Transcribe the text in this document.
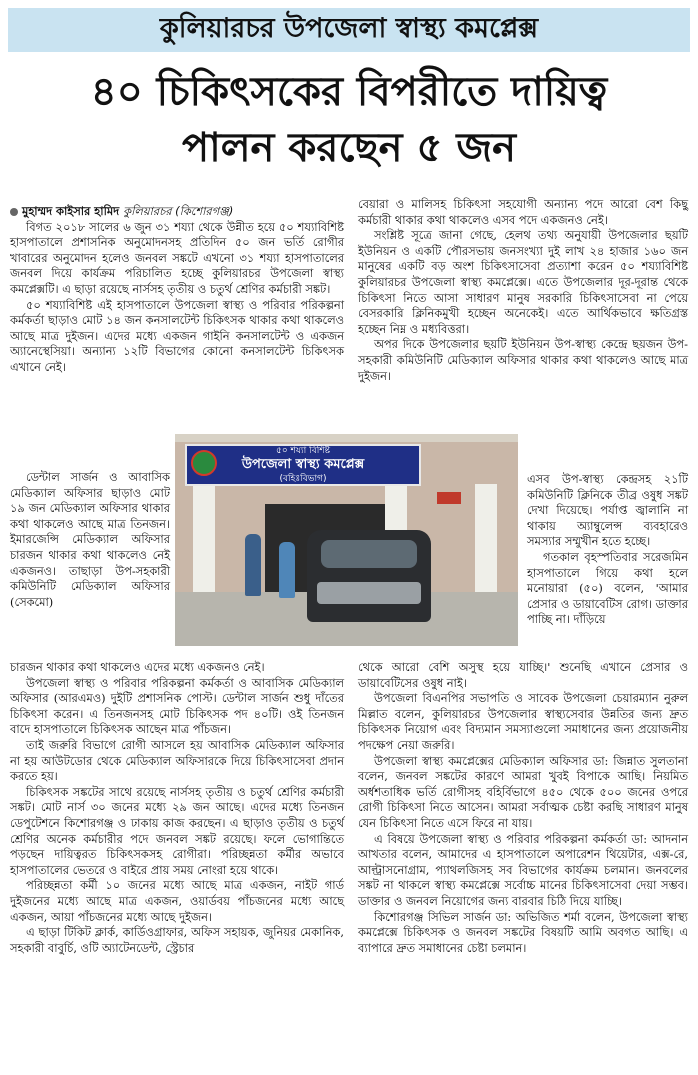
কুলিয়ারচর উপজেলা স্বাস্থ্য কমপ্লেক্স
৪০ চিকিৎসকের বিপরীতে দায়িত্ব
পালন করছেন ৫ জন

মুহাম্মদ কাইসার হামিদ কুলিয়ারচর (কিশোরগঞ্জ)

বিগত ২০১৮ সালের ৬ জুন ৩১ শয্যা থেকে উন্নীত হয়ে ৫০ শয্যাবিশিষ্ট হাসপাতালে প্রশাসনিক অনুমোদনসহ প্রতিদিন ৫০ জন ভর্তি রোগীর খাবারের অনুমোদন হলেও জনবল সঙ্কটে এখনো ৩১ শয্যা হাসপাতালের জনবল দিয়ে কার্যক্রম পরিচালিত হচ্ছে কুলিয়ারচর উপজেলা স্বাস্থ্য কমপ্লেক্সটি। এ ছাড়া রয়েছে নার্সসহ তৃতীয় ও চতুর্থ শ্রেণির কর্মচারী সঙ্কট।

৫০ শয্যাবিশিষ্ট এই হাসপাতালে উপজেলা স্বাস্থ্য ও পরিবার পরিকল্পনা কর্মকর্তা ছাড়াও মোট ১৪ জন কনসালটেন্ট চিকিৎসক থাকার কথা থাকলেও আছে মাত্র দুইজন। এদের মধ্যে একজন গাইনি কনসালটেন্ট ও একজন অ্যানেস্থেসিয়া। অন্যান্য ১২টি বিভাগের কোনো কনসালটেন্ট চিকিৎসক এখানে নেই।

ডেন্টাল সার্জন ও আবাসিক মেডিক্যাল অফিসার ছাড়াও মোট ১৯ জন মেডিক্যাল অফিসার থাকার কথা থাকলেও আছে মাত্র তিনজন। ইমারজেন্সি মেডিক্যাল অফিসার চারজন থাকার কথা থাকলেও নেই একজনও। তাছাড়া উপ-সহকারী কমিউনিটি মেডিক্যাল অফিসার (সেকমো)

চারজন থাকার কথা থাকলেও এদের মধ্যে একজনও নেই।

উপজেলা স্বাস্থ্য ও পরিবার পরিকল্পনা কর্মকর্তা ও আবাসিক মেডিক্যাল অফিসার (আরএমও) দুইটি প্রশাসনিক পোস্ট। ডেন্টাল সার্জন শুধু দাঁতের চিকিৎসা করেন। এ তিনজনসহ মোট চিকিৎসক পদ ৪০টি। ওই তিনজন বাদে হাসপাতালে চিকিৎসক আছেন মাত্র পাঁচজন।

তাই জরুরি বিভাগে রোগী আসলে হয় আবাসিক মেডিক্যাল অফিসার না হয় আউটডোর থেকে মেডিক্যাল অফিসারকে দিয়ে চিকিৎসাসেবা প্রদান করতে হয়।

চিকিৎসক সঙ্কটের সাথে রয়েছে নার্সসহ তৃতীয় ও চতুর্থ শ্রেণির কর্মচারী সঙ্কট। মোট নার্স ৩০ জনের মধ্যে ২৯ জন আছে। এদের মধ্যে তিনজন ডেপুটেশনে কিশোরগঞ্জ ও ঢাকায় কাজ করছেন। এ ছাড়াও তৃতীয় ও চতুর্থ শ্রেণির অনেক কর্মচারীর পদে জনবল সঙ্কট রয়েছে। ফলে ভোগান্তিতে পড়ছেন দায়িত্বরত চিকিৎসকসহ রোগীরা। পরিচ্ছন্নতা কর্মীর অভাবে হাসপাতালের ভেতরে ও বাইরে প্রায় সময় নোংরা হয়ে থাকে।

পরিচ্ছন্নতা কর্মী ১০ জনের মধ্যে আছে মাত্র একজন, নাইট গার্ড দুইজনের মধ্যে আছে মাত্র একজন, ওয়ার্ডবয় পাঁচজনের মধ্যে আছে একজন, আয়া পাঁচজনের মধ্যে আছে দুইজন।

এ ছাড়া টিকিট ক্লার্ক, কার্ডিওগ্রাফার, অফিস সহায়ক, জুনিয়র মেকানিক, সহকারী বাবুর্চি, ওটি অ্যাটেনডেন্ট, স্ট্রেচার

৫০ শয্যা বিশিষ্ট
উপজেলা স্বাস্থ্য কমপ্লেক্স
(বহিঃবিভাগ)

বেয়ারা ও মালিসহ চিকিৎসা সহযোগী অন্যান্য পদে আরো বেশ কিছু কর্মচারী থাকার কথা থাকলেও এসব পদে একজনও নেই।

সংশ্লিষ্ট সূত্রে জানা গেছে, হেলথ তথ্য অনুযায়ী উপজেলার ছয়টি ইউনিয়ন ও একটি পৌরসভায় জনসংখ্যা দুই লাখ ২৪ হাজার ১৬০ জন মানুষের একটি বড় অংশ চিকিৎসাসেবা প্রত্যাশা করেন ৫০ শয্যাবিশিষ্ট কুলিয়ারচর উপজেলা স্বাস্থ্য কমপ্লেক্সে। এতে উপজেলার দূর-দূরান্ত থেকে চিকিৎসা নিতে আসা সাধারণ মানুষ সরকারি চিকিৎসাসেবা না পেয়ে বেসরকারি ক্লিনিকমুখী হচ্ছেন অনেকেই। এতে আর্থিকভাবে ক্ষতিগ্রস্ত হচ্ছেন নিম্ন ও মধ্যবিত্তরা।

অপর দিকে উপজেলার ছয়টি ইউনিয়ন উপ-স্বাস্থ্য কেন্দ্রে ছয়জন উপ-সহকারী কমিউনিটি মেডিক্যাল অফিসার থাকার কথা থাকলেও আছে মাত্র দুইজন।

এসব উপ-স্বাস্থ্য কেন্দ্রসহ ২১টি কমিউনিটি ক্লিনিকে তীব্র ওষুধ সঙ্কট দেখা দিয়েছে। পর্যাপ্ত জ্বালানি না থাকায় অ্যাম্বুলেন্স ব্যবহারেও সমস্যার সম্মুখীন হতে হচ্ছে।

গতকাল বৃহস্পতিবার সরেজমিন হাসপাতালে গিয়ে কথা হলে মনোয়ারা (৫০) বলেন, 'আমার প্রেসার ও ডায়াবেটিস রোগ। ডাক্তার পাচ্ছি না। দাঁড়িয়ে

থেকে আরো বেশি অসুস্থ হয়ে যাচ্ছি।' শুনেছি এখানে প্রেসার ও ডায়াবেটিসের ওষুধ নাই।

উপজেলা বিএনপির সভাপতি ও সাবেক উপজেলা চেয়ারম্যান নুরুল মিল্লাত বলেন, কুলিয়ারচর উপজেলার স্বাস্থ্যসেবার উন্নতির জন্য দ্রুত চিকিৎসক নিয়োগ এবং বিদ্যমান সমস্যাগুলো সমাধানের জন্য প্রয়োজনীয় পদক্ষেপ নেয়া জরুরি।

উপজেলা স্বাস্থ্য কমপ্লেক্সের মেডিক্যাল অফিসার ডা: জিন্নাত সুলতানা বলেন, জনবল সঙ্কটের কারণে আমরা খুবই বিপাকে আছি। নিয়মিত অর্ধশতাধিক ভর্তি রোগীসহ বহির্বিভাগে ৪৫০ থেকে ৫০০ জনের ওপরে রোগী চিকিৎসা নিতে আসেন। আমরা সর্বাত্মক চেষ্টা করছি সাধারণ মানুষ যেন চিকিৎসা নিতে এসে ফিরে না যায়।

এ বিষয়ে উপজেলা স্বাস্থ্য ও পরিবার পরিকল্পনা কর্মকর্তা ডা: আদনান আখতার বলেন, আমাদের এ হাসপাতালে অপারেশন থিয়েটার, এক্স-রে, আল্ট্রাসনোগ্রাম, প্যাথলজিসহ সব বিভাগের কার্যক্রম চলমান। জনবলের সঙ্কট না থাকলে স্বাস্থ্য কমপ্লেক্সে সর্বোচ্চ মানের চিকিৎসাসেবা দেয়া সম্ভব। ডাক্তার ও জনবল নিয়োগের জন্য বারবার চিঠি দিয়ে যাচ্ছি।

কিশোরগঞ্জ সিভিল সার্জন ডা: অভিজিত শর্মা বলেন, উপজেলা স্বাস্থ্য কমপ্লেক্সে চিকিৎসক ও জনবল সঙ্কটের বিষয়টি আমি অবগত আছি। এ ব্যাপারে দ্রুত সমাধানের চেষ্টা চলমান।
